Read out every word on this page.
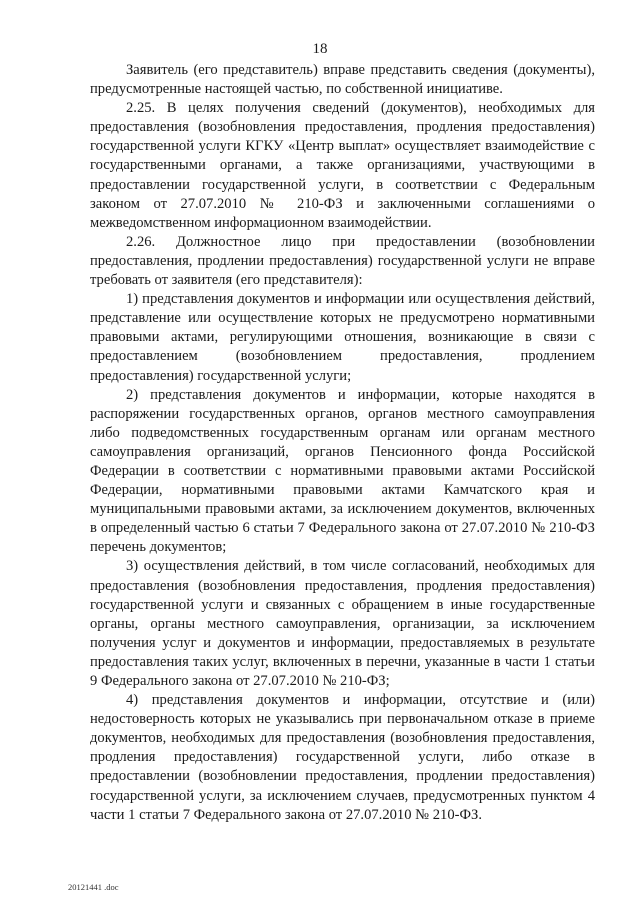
18

Заявитель (его представитель) вправе представить сведения (документы), предусмотренные настоящей частью, по собственной инициативе.

2.25. В целях получения сведений (документов), необходимых для предоставления (возобновления предоставления, продления предоставления) государственной услуги КГКУ «Центр выплат» осуществляет взаимодействие с государственными органами, а также организациями, участвующими в предоставлении государственной услуги, в соответствии с Федеральным законом от 27.07.2010 № 210-ФЗ и заключенными соглашениями о межведомственном информационном взаимодействии.

2.26. Должностное лицо при предоставлении (возобновлении предоставления, продлении предоставления) государственной услуги не вправе требовать от заявителя (его представителя):

1) представления документов и информации или осуществления действий, представление или осуществление которых не предусмотрено нормативными правовыми актами, регулирующими отношения, возникающие в связи с предоставлением (возобновлением предоставления, продлением предоставления) государственной услуги;

2) представления документов и информации, которые находятся в распоряжении государственных органов, органов местного самоуправления либо подведомственных государственным органам или органам местного самоуправления организаций, органов Пенсионного фонда Российской Федерации в соответствии с нормативными правовыми актами Российской Федерации, нормативными правовыми актами Камчатского края и муниципальными правовыми актами, за исключением документов, включенных в определенный частью 6 статьи 7 Федерального закона от 27.07.2010 № 210-ФЗ перечень документов;

3) осуществления действий, в том числе согласований, необходимых для предоставления (возобновления предоставления, продления предоставления) государственной услуги и связанных с обращением в иные государственные органы, органы местного самоуправления, организации, за исключением получения услуг и документов и информации, предоставляемых в результате предоставления таких услуг, включенных в перечни, указанные в части 1 статьи 9 Федерального закона от 27.07.2010 № 210-ФЗ;

4) представления документов и информации, отсутствие и (или) недостоверность которых не указывались при первоначальном отказе в приеме документов, необходимых для предоставления (возобновления предоставления, продления предоставления) государственной услуги, либо отказе в предоставлении (возобновлении предоставления, продлении предоставления) государственной услуги, за исключением случаев, предусмотренных пунктом 4 части 1 статьи 7 Федерального закона от 27.07.2010 № 210-ФЗ.

20121441 .doc
